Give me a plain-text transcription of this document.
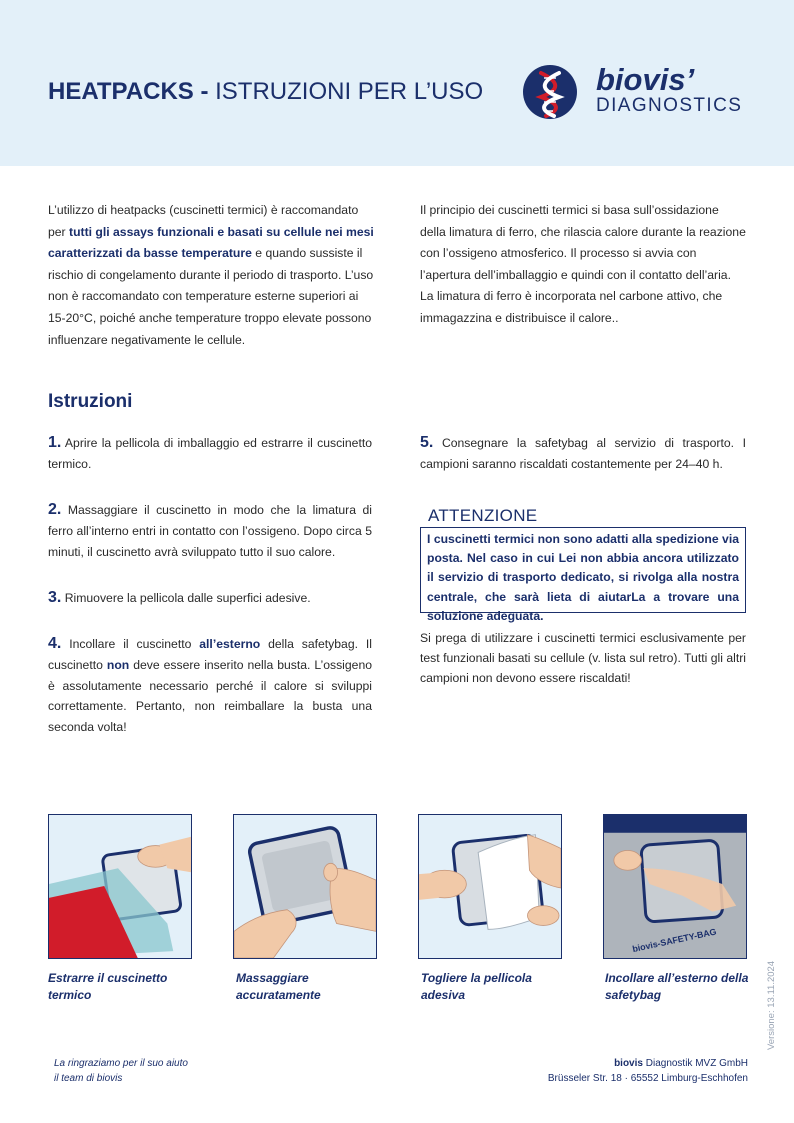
HEATPACKS - ISTRUZIONI PER L’USO	biovis’
DIAGNOSTICS

L’utilizzo di heatpacks (cuscinetti termici) è raccomandato per tutti gli assays funzionali e basati su cellule nei mesi caratterizzati da basse temperature e quando sussiste il rischio di congelamento durante il periodo di trasporto. L’uso non è raccomandato con temperature esterne superiori ai 15-20°C, poiché anche temperature troppo elevate possono influenzare negativamente le cellule.

Il principio dei cuscinetti termici si basa sull’ossidazione della limatura di ferro, che rilascia calore durante la reazione con l’ossigeno atmosferico. Il processo si avvia con l’apertura dell’imballaggio e quindi con il contatto dell’aria. La limatura di ferro è incorporata nel carbone attivo, che immagazzina e distribuisce il calore..

Istruzioni

1. Aprire la pellicola di imballaggio ed estrarre il cuscinetto termico.

2. Massaggiare il cuscinetto in modo che la limatura di ferro all’interno entri in contatto con l’ossigeno. Dopo circa 5 minuti, il cuscinetto avrà sviluppato tutto il suo calore.

3. Rimuovere la pellicola dalle superfici adesive.

4. Incollare il cuscinetto all’esterno della safetybag. Il cuscinetto non deve essere inserito nella busta. L’ossigeno è assolutamente necessario perché il calore si sviluppi correttamente. Pertanto, non reimballare la busta una seconda volta!

5. Consegnare la safetybag al servizio di trasporto. I campioni saranno riscaldati costantemente per 24–40 h.

ATTENZIONE
I cuscinetti termici non sono adatti alla spedizione via posta. Nel caso in cui Lei non abbia ancora utilizzato il servizio di trasporto dedicato, si rivolga alla nostra centrale, che sarà lieta di aiutarLa a trovare una soluzione adeguata.

Si prega di utilizzare i cuscinetti termici esclusivamente per test funzionali basati su cellule (v. lista sul retro). Tutti gli altri campioni non devono essere riscaldati!

biovis-SAFETY-BAG
Estrarre il cuscinetto termico
Massaggiare accuratamente
Togliere la pellicola adesiva
Incollare all’esterno della safetybag	Versione: 13.11.2024
La ringraziamo per il suo aiuto
il team di biovis
biovis Diagnostik MVZ GmbH
Brüsseler Str. 18 · 65552 Limburg-Eschhofen
